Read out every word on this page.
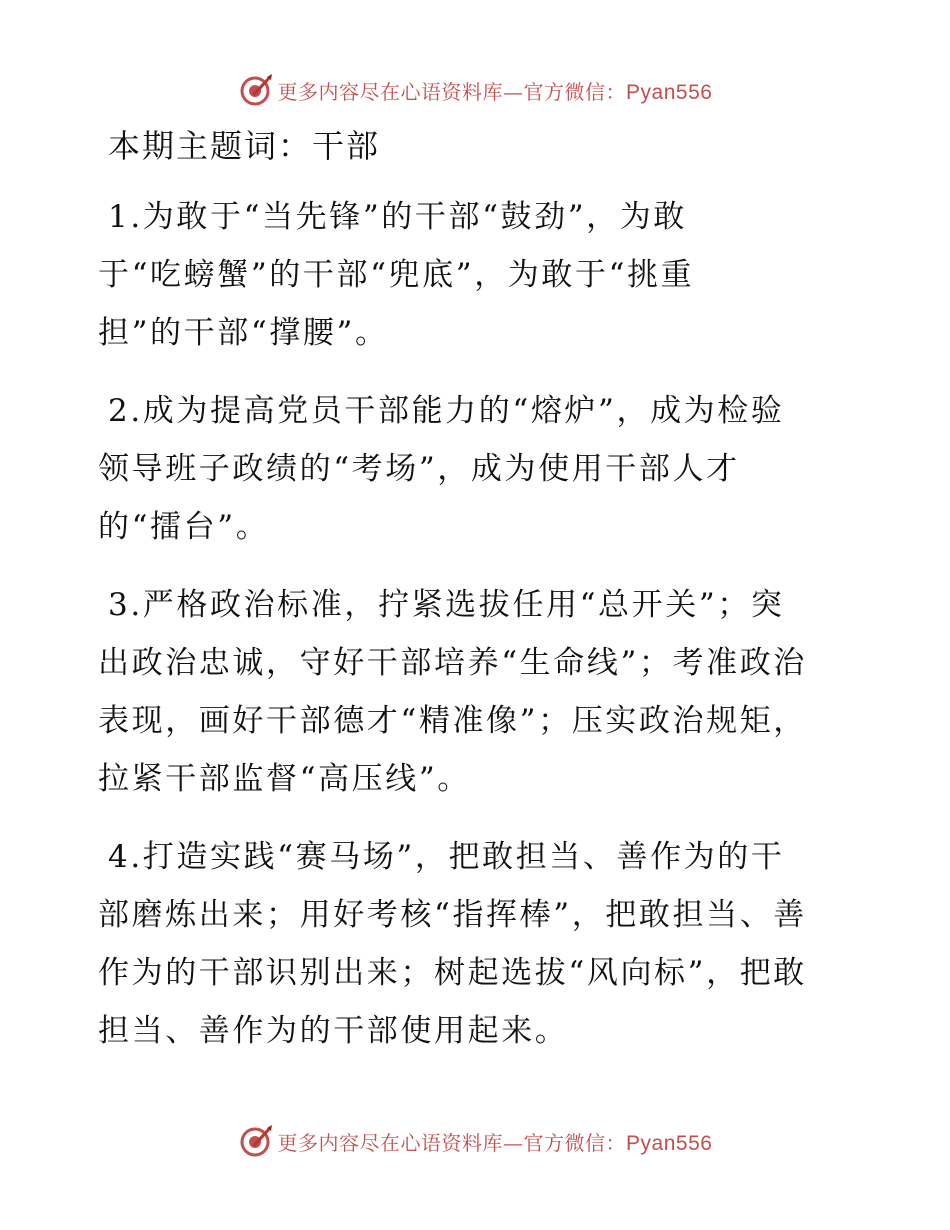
更多内容尽在心语资料库—官方微信：Pyan556
本期主题词：干部
1.为敢于“当先锋”的干部“鼓劲”，为敢
于“吃螃蟹”的干部“兜底”，为敢于“挑重
担”的干部“撑腰”。
2.成为提高党员干部能力的“熔炉”，成为检验
领导班子政绩的“考场”，成为使用干部人才
的“擂台”。
3.严格政治标准，拧紧选拔任用“总开关”；突
出政治忠诚，守好干部培养“生命线”；考准政治
表现，画好干部德才“精准像”；压实政治规矩，
拉紧干部监督“高压线”。
4.打造实践“赛马场”，把敢担当、善作为的干
部磨炼出来；用好考核“指挥棒”，把敢担当、善
作为的干部识别出来；树起选拔“风向标”，把敢
担当、善作为的干部使用起来。
更多内容尽在心语资料库—官方微信：Pyan556
